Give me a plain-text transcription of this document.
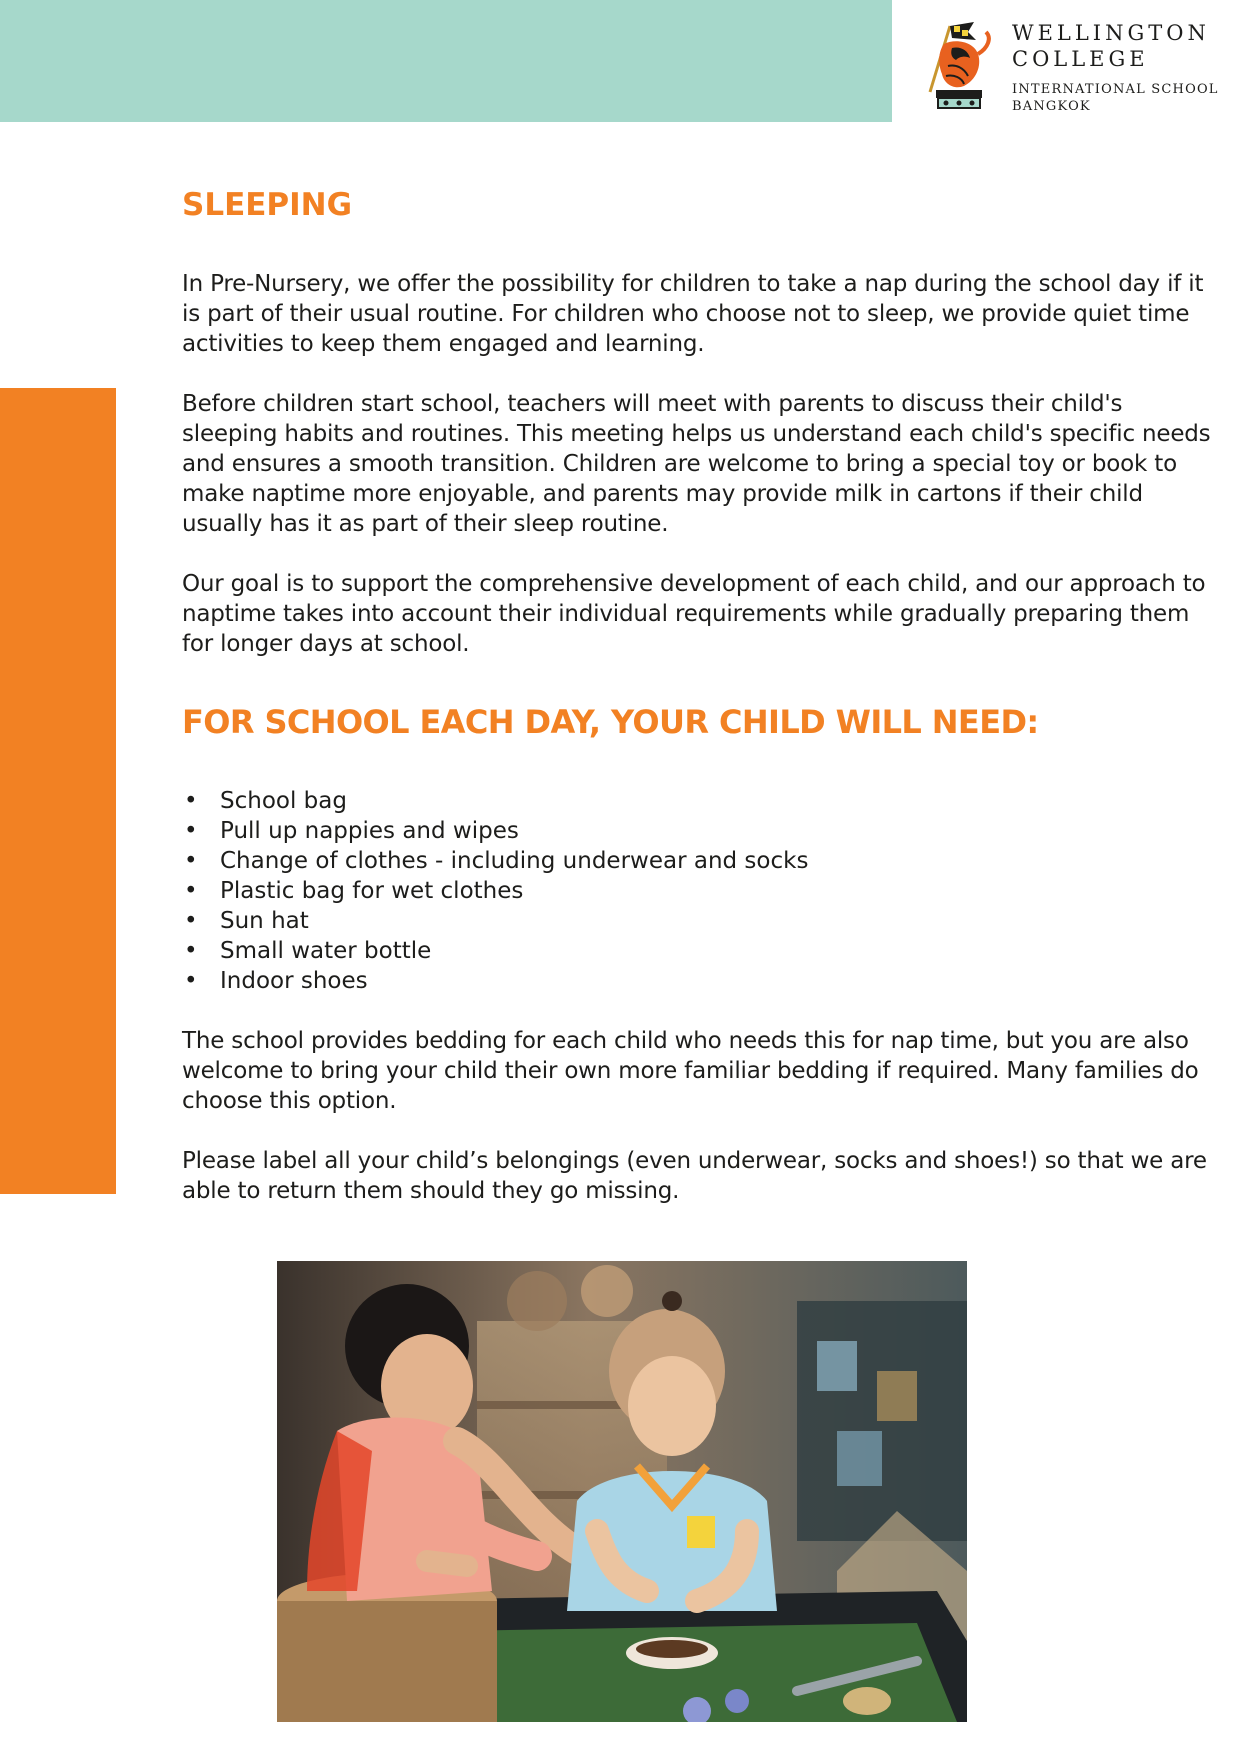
WELLINGTON
COLLEGE
INTERNATIONAL SCHOOL
BANGKOK
SLEEPING

In Pre-Nursery, we offer the possibility for children to take a nap during the school day if it is part of their usual routine. For children who choose not to sleep, we provide quiet time activities to keep them engaged and learning.

Before children start school, teachers will meet with parents to discuss their child's sleeping habits and routines. This meeting helps us understand each child's specific needs and ensures a smooth transition. Children are welcome to bring a special toy or book to make naptime more enjoyable, and parents may provide milk in cartons if their child usually has it as part of their sleep routine.

Our goal is to support the comprehensive development of each child, and our approach to naptime takes into account their individual requirements while gradually preparing them for longer days at school.

FOR SCHOOL EACH DAY, YOUR CHILD WILL NEED:
• School bag
• Pull up nappies and wipes
• Change of clothes - including underwear and socks
• Plastic bag for wet clothes
• Sun hat
• Small water bottle
• Indoor shoes

The school provides bedding for each child who needs this for nap time, but you are also welcome to bring your child their own more familiar bedding if required. Many families do choose this option.

Please label all your child’s belongings (even underwear, socks and shoes!) so that we are able to return them should they go missing.
